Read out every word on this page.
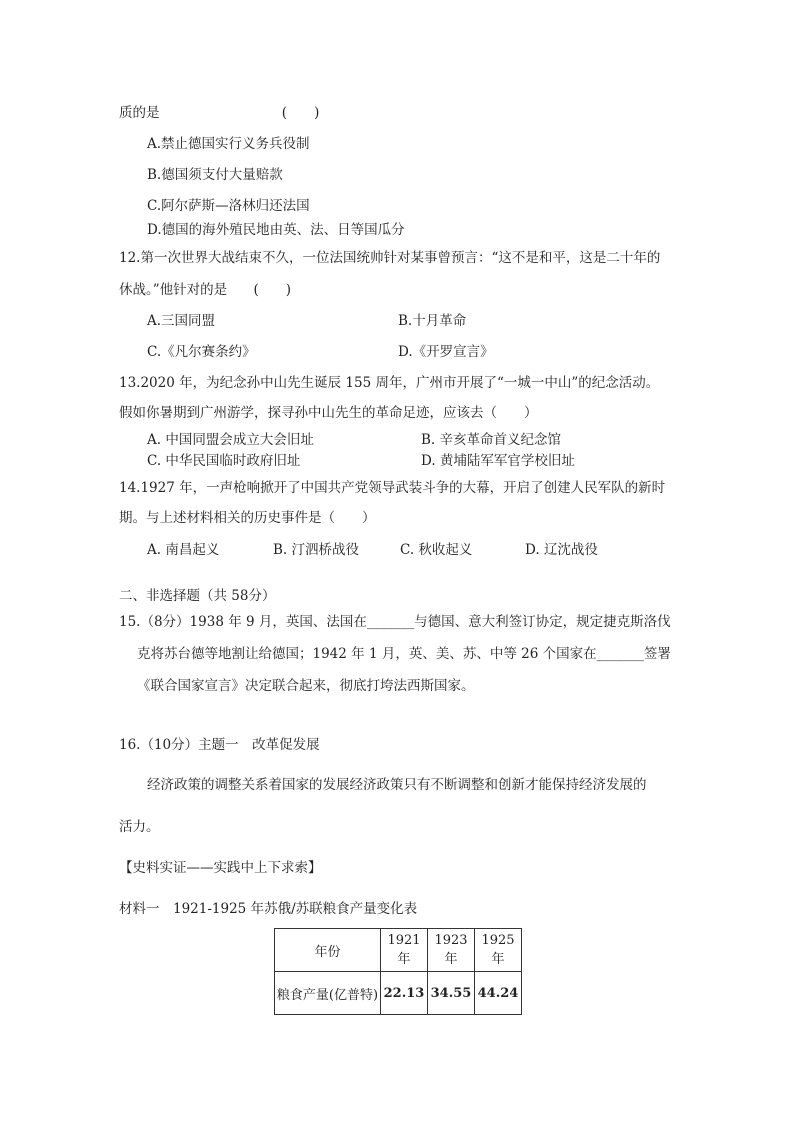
质的是	(　　)
A.禁止德国实行义务兵役制
B.德国须支付大量赔款
C.阿尔萨斯—洛林归还法国
D.德国的海外殖民地由英、法、日等国瓜分
12.第一次世界大战结束不久，一位法国统帅针对某事曾预言：“这不是和平，这是二十年的
休战。”他针对的是 (　　)
A.三国同盟	B.十月革命
C.《凡尔赛条约》	D.《开罗宣言》
13.2020 年，为纪念孙中山先生诞辰 155 周年，广州市开展了“一城一中山”的纪念活动。
假如你暑期到广州游学，探寻孙中山先生的革命足迹，应该去（　　）
A. 中国同盟会成立大会旧址	B. 辛亥革命首义纪念馆
C. 中华民国临时政府旧址	D. 黄埔陆军军官学校旧址
14.1927 年，一声枪响掀开了中国共产党领导武装斗争的大幕，开启了创建人民军队的新时
期。与上述材料相关的历史事件是（　　）
A. 南昌起义	B. 汀泗桥战役	C. 秋收起义	D. 辽沈战役
二、非选择题（共 58分）
15.（8分）1938 年 9 月，英国、法国在_______与德国、意大利签订协定，规定捷克斯洛伐
克将苏台德等地割让给德国；1942 年 1 月，英、美、苏、中等 26 个国家在_______签署
《联合国家宣言》决定联合起来，彻底打垮法西斯国家。
16.（10分）主题一　改革促发展
经济政策的调整关系着国家的发展经济政策只有不断调整和创新才能保持经济发展的
活力。
【史料实证——实践中上下求索】
材料一　1921-1925 年苏俄/苏联粮食产量变化表
年份	1921 年	1923 年	1925 年
粮食产量(亿普特)	22.13	34.55	44.24
